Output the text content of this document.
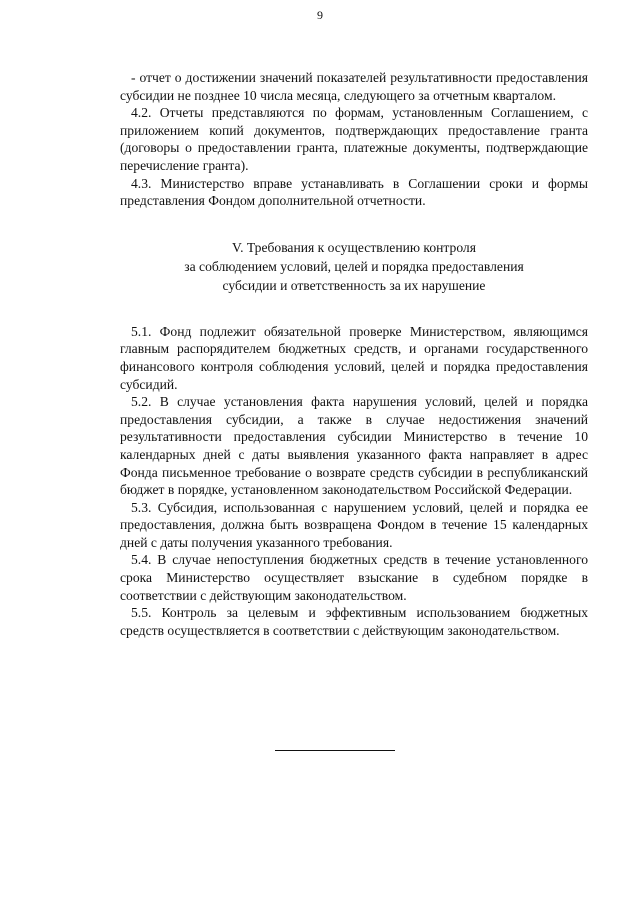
9

- отчет о достижении значений показателей результативности предоставления субсидии не позднее 10 числа месяца, следующего за отчетным кварталом.

4.2. Отчеты представляются по формам, установленным Соглашением, с приложением копий документов, подтверждающих предоставление гранта (договоры о предоставлении гранта, платежные документы, подтверждающие перечисление гранта).

4.3. Министерство вправе устанавливать в Соглашении сроки и формы представления Фондом дополнительной отчетности.

V. Требования к осуществлению контроля
за соблюдением условий, целей и порядка предоставления
субсидии и ответственность за их нарушение

5.1. Фонд подлежит обязательной проверке Министерством, являющимся главным распорядителем бюджетных средств, и органами государственного финансового контроля соблюдения условий, целей и порядка предоставления субсидий.

5.2. В случае установления факта нарушения условий, целей и порядка предоставления субсидии, а также в случае недостижения значений результативности предоставления субсидии Министерство в течение 10 календарных дней с даты выявления указанного факта направляет в адрес Фонда письменное требование о возврате средств субсидии в республиканский бюджет в порядке, установленном законодательством Российской Федерации.

5.3. Субсидия, использованная с нарушением условий, целей и порядка ее предоставления, должна быть возвращена Фондом в течение 15 календарных дней с даты получения указанного требования.

5.4. В случае непоступления бюджетных средств в течение установленного срока Министерство осуществляет взыскание в судебном порядке в соответствии с действующим законодательством.

5.5. Контроль за целевым и эффективным использованием бюджетных средств осуществляется в соответствии с действующим законодательством.
